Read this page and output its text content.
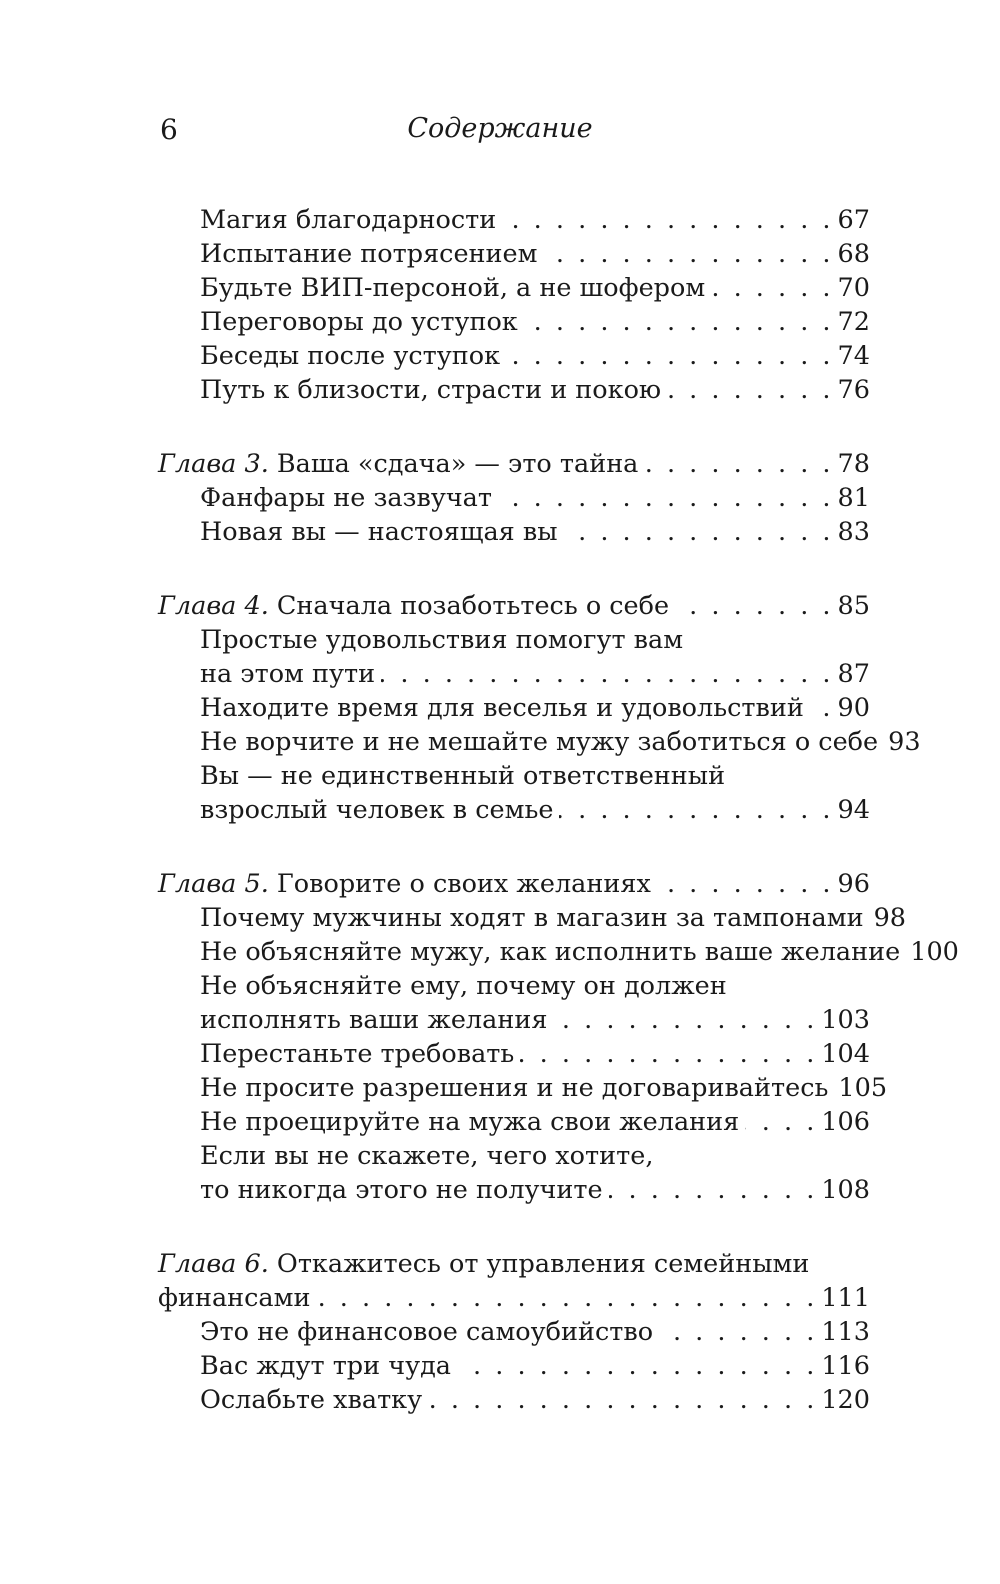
6	Содержание
Магия благодарности . . .	67
Испытание потрясением . . .	68
Будьте ВИП-персоной, а не шофером . . .	70
Переговоры до уступок . . .	72
Беседы после уступок . . .	74
Путь к близости, страсти и покою . . .	76
Глава 3. Ваша «сдача» — это тайна . . .	78
Фанфары не зазвучат . . .	81
Новая вы — настоящая вы . . .	83
Глава 4. Сначала позаботьтесь о себе . . .	85
Простые удовольствия помогут вам
на этом пути . . .	87
Находите время для веселья и удовольствий . . . 90
Не ворчите и не мешайте мужу заботиться о себе 93
Вы — не единственный ответственный
взрослый человек в семье . . .	94
Глава 5. Говорите о своих желаниях . . .	96
Почему мужчины ходят в магазин за тампонами 98
Не объясняйте мужу, как исполнить ваше желание 100
Не объясняйте ему, почему он должен
исполнять ваши желания . . .	103
Перестаньте требовать . . .	104
Не просите разрешения и не договаривайтесь 105
Не проецируйте на мужа свои желания . . .	106
Если вы не скажете, чего хотите,
то никогда этого не получите . . .	108
Глава 6. Откажитесь от управления семейными
финансами . . .	111
Это не финансовое самоубийство . . .	113
Вас ждут три чуда . . .	116
Ослабьте хватку . . .	120
